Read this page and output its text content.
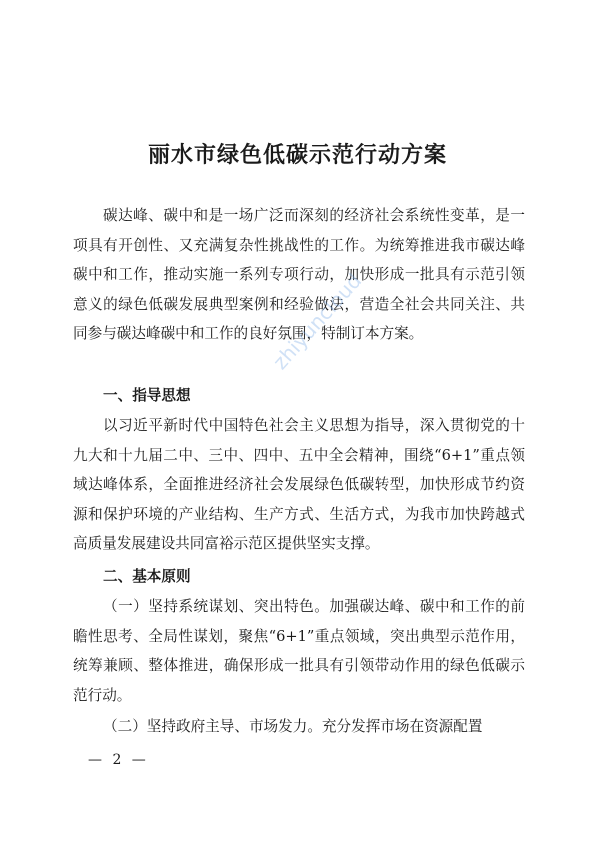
丽水市绿色低碳示范行动方案

碳达峰、碳中和是一场广泛而深刻的经济社会系统性变革，是一项具有开创性、又充满复杂性挑战性的工作。为统筹推进我市碳达峰碳中和工作，推动实施一系列专项行动，加快形成一批具有示范引领意义的绿色低碳发展典型案例和经验做法，营造全社会共同关注、共同参与碳达峰碳中和工作的良好氛围，特制订本方案。

一、指导思想

以习近平新时代中国特色社会主义思想为指导，深入贯彻党的十九大和十九届二中、三中、四中、五中全会精神，围绕“6+1”重点领域达峰体系，全面推进经济社会发展绿色低碳转型，加快形成节约资源和保护环境的产业结构、生产方式、生活方式，为我市加快跨越式高质量发展建设共同富裕示范区提供坚实支撑。

二、基本原则

（一）坚持系统谋划、突出特色。加强碳达峰、碳中和工作的前瞻性思考、全局性谋划，聚焦“6+1”重点领域，突出典型示范作用，统筹兼顾、整体推进，确保形成一批具有引领带动作用的绿色低碳示范行动。

（二）坚持政府主导、市场发力。充分发挥市场在资源配置

— 2 —
zhiyuncloud
